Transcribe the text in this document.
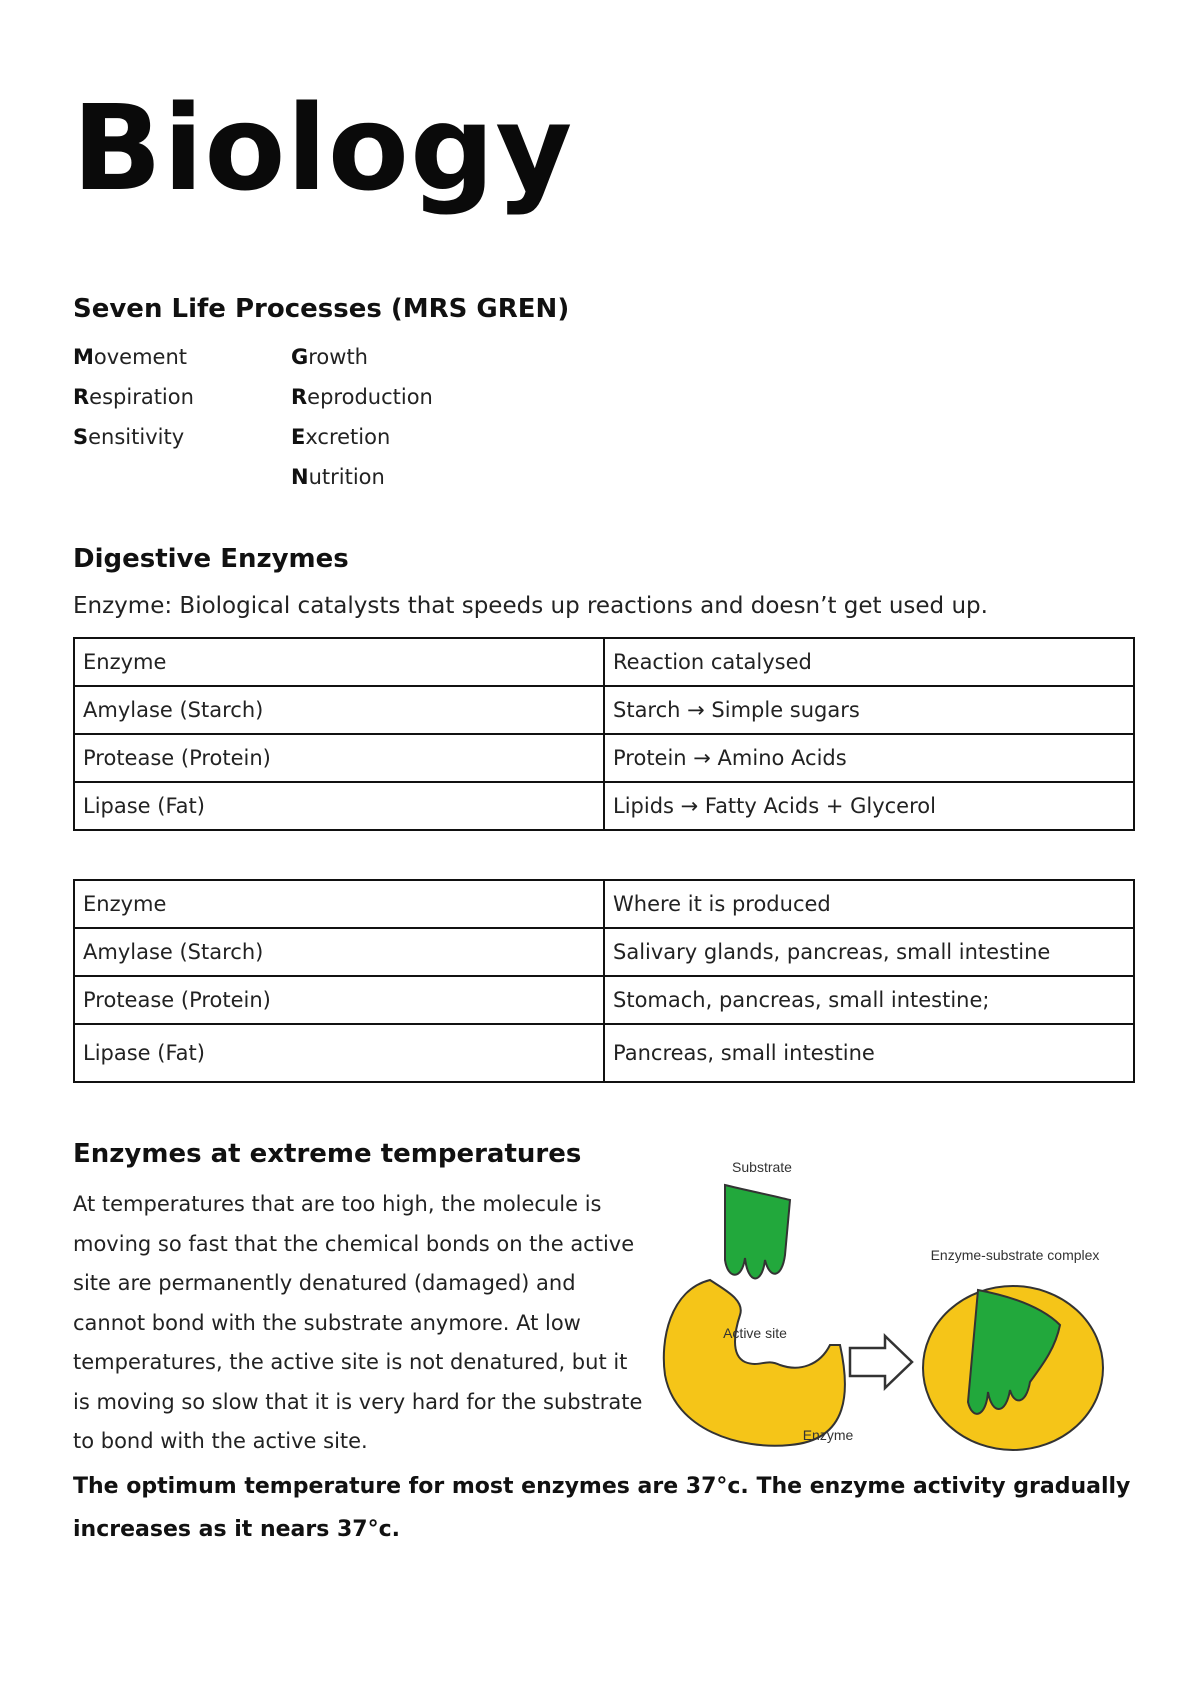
Biology
Seven Life Processes (MRS GREN)
Movement
Respiration
Sensitivity
Growth
Reproduction
Excretion
Nutrition
Digestive Enzymes
Enzyme: Biological catalysts that speeds up reactions and doesn’t get used up.
Enzyme	Reaction catalysed
Amylase (Starch)	Starch → Simple sugars
Protease (Protein)	Protein → Amino Acids
Lipase (Fat)	Lipids → Fatty Acids + Glycerol
Enzyme	Where it is produced
Amylase (Starch)	Salivary glands, pancreas, small intestine
Protease (Protein)	Stomach, pancreas, small intestine;
Lipase (Fat)	Pancreas, small intestine
Enzymes at extreme temperatures

At temperatures that are too high, the molecule is moving so fast that the chemical bonds on the active site are permanently denatured (damaged) and cannot bond with the substrate anymore. At low temperatures, the active site is not denatured, but it is moving so slow that it is very hard for the substrate to bond with the active site.

Substrate
Active site
Enzyme
Enzyme-substrate complex

The optimum temperature for most enzymes are 37°c. The enzyme activity gradually increases as it nears 37°c.
